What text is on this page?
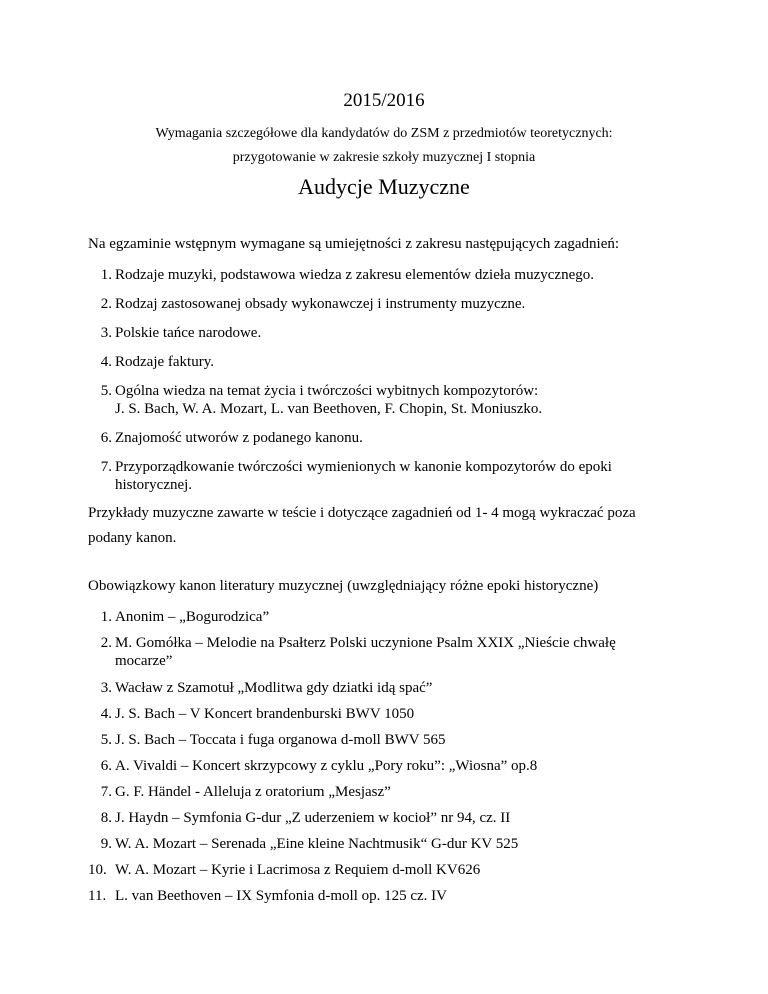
2015/2016
Wymagania szczegółowe dla kandydatów do ZSM z przedmiotów teoretycznych:
przygotowanie w zakresie szkoły muzycznej I stopnia
Audycje Muzyczne
Na egzaminie wstępnym wymagane są umiejętności z zakresu następujących zagadnień:
1. Rodzaje muzyki, podstawowa wiedza z zakresu elementów dzieła muzycznego.
2. Rodzaj zastosowanej obsady wykonawczej i instrumenty muzyczne.
3. Polskie tańce narodowe.
4. Rodzaje faktury.
5. Ogólna wiedza na temat życia i twórczości wybitnych kompozytorów:
J. S. Bach, W. A. Mozart, L. van Beethoven, F. Chopin, St. Moniuszko.
6. Znajomość utworów z podanego kanonu.
7. Przyporządkowanie twórczości wymienionych w kanonie kompozytorów do epoki
historycznej.
Przykłady muzyczne zawarte w teście i dotyczące zagadnień od 1- 4 mogą wykraczać poza
podany kanon.
Obowiązkowy kanon literatury muzycznej (uwzględniający różne epoki historyczne)
1. Anonim – „Bogurodzica”
2. M. Gomółka – Melodie na Psałterz Polski uczynione Psalm XXIX „Nieście chwałę
mocarze”
3. Wacław z Szamotuł „Modlitwa gdy dziatki idą spać”
4. J. S. Bach – V Koncert brandenburski BWV 1050
5. J. S. Bach – Toccata i fuga organowa d-moll BWV 565
6. A. Vivaldi – Koncert skrzypcowy z cyklu „Pory roku”: „Wiosna” op.8
7. G. F. Händel - Alleluja z oratorium „Mesjasz”
8. J. Haydn – Symfonia G-dur „Z uderzeniem w kocioł” nr 94, cz. II
9. W. A. Mozart – Serenada „Eine kleine Nachtmusik“ G-dur KV 525
10. W. A. Mozart – Kyrie i Lacrimosa z Requiem d-moll KV626
11. L. van Beethoven – IX Symfonia d-moll op. 125 cz. IV
